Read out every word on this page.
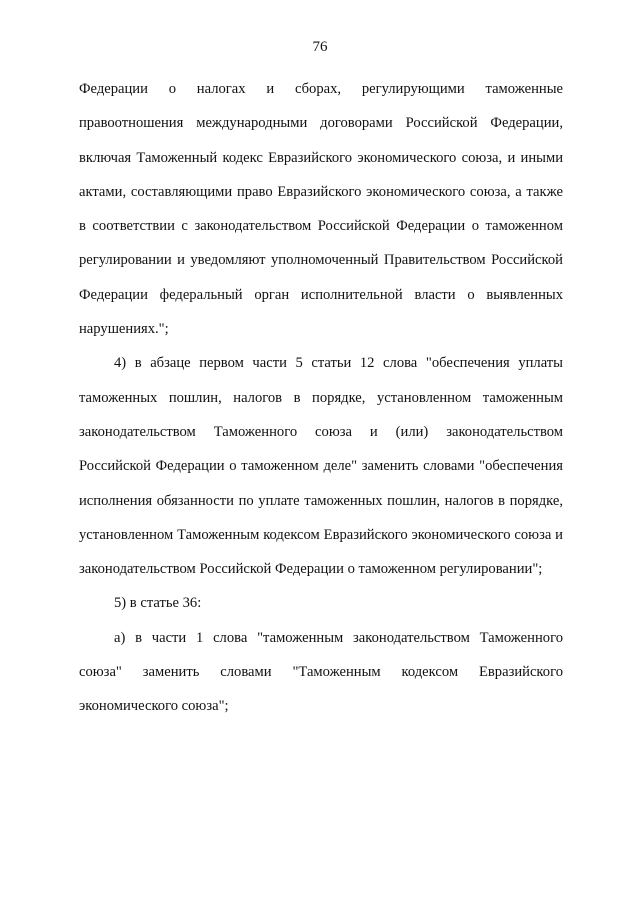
76

Федерации о налогах и сборах, регулирующими таможенные правоотношения международными договорами Российской Федерации, включая Таможенный кодекс Евразийского экономического союза, и иными актами, составляющими право Евразийского экономического союза, а также в соответствии с законодательством Российской Федерации о таможенном регулировании и уведомляют уполномоченный Правительством Российской Федерации федеральный орган исполнительной власти о выявленных нарушениях.";

4) в абзаце первом части 5 статьи 12 слова "обеспечения уплаты таможенных пошлин, налогов в порядке, установленном таможенным законодательством Таможенного союза и (или) законодательством Российской Федерации о таможенном деле" заменить словами "обеспечения исполнения обязанности по уплате таможенных пошлин, налогов в порядке, установленном Таможенным кодексом Евразийского экономического союза и законодательством Российской Федерации о таможенном регулировании";

5) в статье 36:

а) в части 1 слова "таможенным законодательством Таможенного союза" заменить словами "Таможенным кодексом Евразийского экономического союза";
